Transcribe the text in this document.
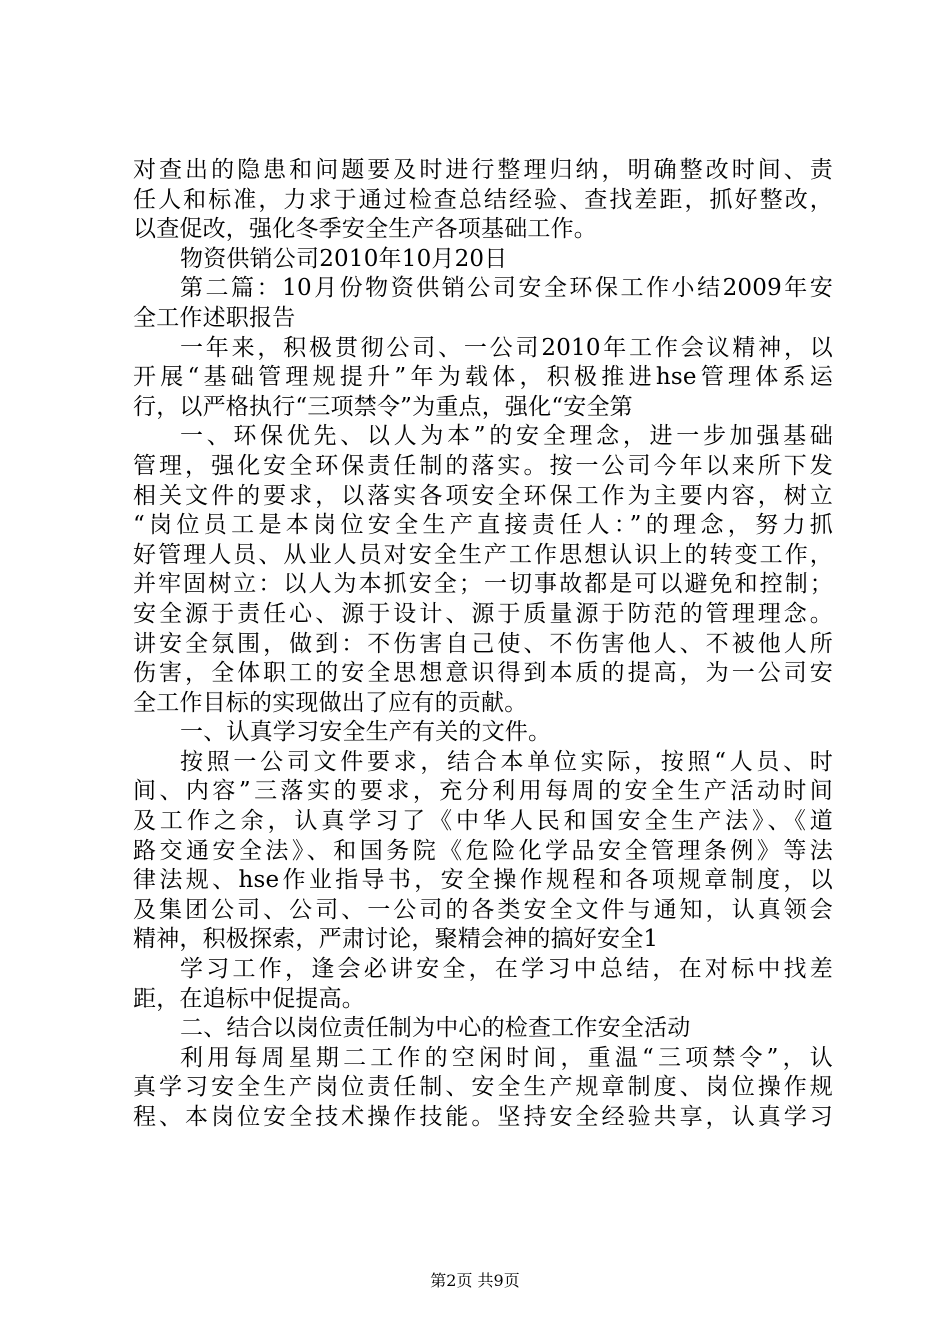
对查出的隐患和问题要及时进行整理归纳，明确整改时间、责
任人和标准，力求于通过检查总结经验、查找差距，抓好整改，
以查促改，强化冬季安全生产各项基础工作。
物资供销公司2010年10月20日
第二篇：10月份物资供销公司安全环保工作小结2009年安
全工作述职报告
一年来，积极贯彻公司、一公司2010年工作会议精神，以
开展“基础管理规提升”年为载体，积极推进hse管理体系运
行，以严格执行“三项禁令”为重点，强化“安全第
一、环保优先、以人为本”的安全理念，进一步加强基础
管理，强化安全环保责任制的落实。按一公司今年以来所下发
相关文件的要求，以落实各项安全环保工作为主要内容，树立
“岗位员工是本岗位安全生产直接责任人：”的理念，努力抓
好管理人员、从业人员对安全生产工作思想认识上的转变工作，
并牢固树立：以人为本抓安全；一切事故都是可以避免和控制；
安全源于责任心、源于设计、源于质量源于防范的管理理念。
讲安全氛围，做到：不伤害自己使、不伤害他人、不被他人所
伤害，全体职工的安全思想意识得到本质的提高，为一公司安
全工作目标的实现做出了应有的贡献。
一、认真学习安全生产有关的文件。
按照一公司文件要求，结合本单位实际，按照“人员、时
间、内容”三落实的要求，充分利用每周的安全生产活动时间
及工作之余，认真学习了《中华人民和国安全生产法》、《道
路交通安全法》、和国务院《危险化学品安全管理条例》等法
律法规、hse作业指导书，安全操作规程和各项规章制度，以
及集团公司、公司、一公司的各类安全文件与通知，认真领会
精神，积极探索，严肃讨论，聚精会神的搞好安全1
学习工作，逢会必讲安全，在学习中总结，在对标中找差
距，在追标中促提高。
二、结合以岗位责任制为中心的检查工作安全活动
利用每周星期二工作的空闲时间，重温“三项禁令”，认
真学习安全生产岗位责任制、安全生产规章制度、岗位操作规
程、本岗位安全技术操作技能。坚持安全经验共享，认真学习
第2页 共9页
